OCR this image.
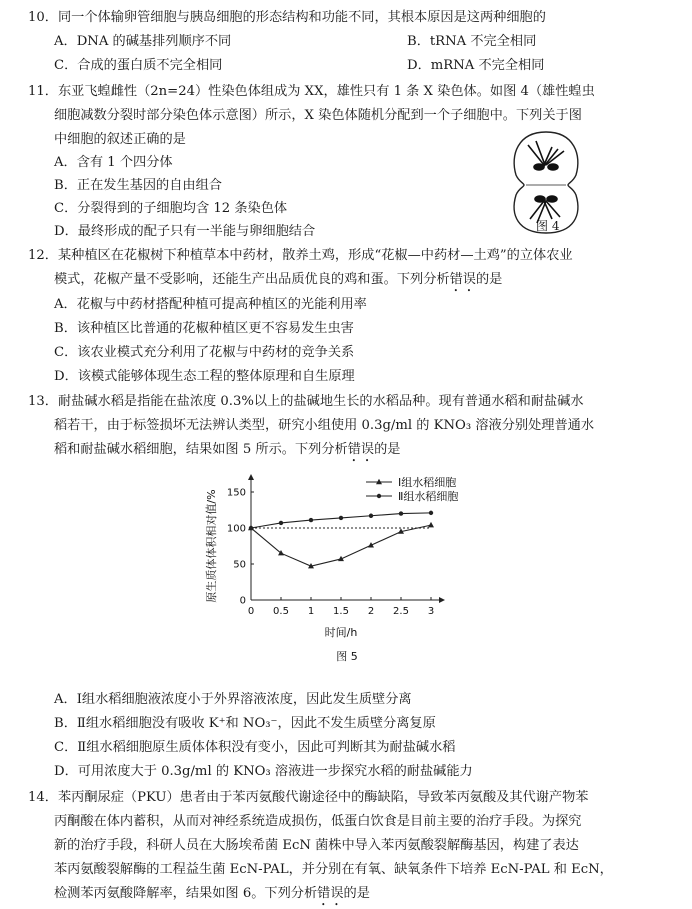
10．同一个体输卵管细胞与胰岛细胞的形态结构和功能不同，其根本原因是这两种细胞的
A．DNA 的碱基排列顺序不同	B．tRNA 不完全相同
C．合成的蛋白质不完全相同	D．mRNA 不完全相同
11．东亚飞蝗雌性（2n=24）性染色体组成为 XX，雄性只有 1 条 X 染色体。如图 4（雄性蝗虫
细胞减数分裂时部分染色体示意图）所示，X 染色体随机分配到一个子细胞中。下列关于图
中细胞的叙述正确的是
A．含有 1 个四分体
B．正在发生基因的自由组合
C．分裂得到的子细胞均含 12 条染色体
D．最终形成的配子只有一半能与卵细胞结合	图 4
12．某种植区在花椒树下种植草本中药材，散养土鸡，形成“花椒—中药材—土鸡”的立体农业
模式，花椒产量不受影响，还能生产出品质优良的鸡和蛋。下列分析错误的是
A．花椒与中药材搭配种植可提高种植区的光能利用率
B．该种植区比普通的花椒种植区更不容易发生虫害
C．该农业模式充分利用了花椒与中药材的竞争关系
D．该模式能够体现生态工程的整体原理和自生原理
13．耐盐碱水稻是指能在盐浓度 0.3%以上的盐碱地生长的水稻品种。现有普通水稻和耐盐碱水
稻若干，由于标签损坏无法辨认类型，研究小组使用 0.3g/ml 的 KNO₃ 溶液分别处理普通水
稻和耐盐碱水稻细胞，结果如图 5 所示。下列分析错误的是
0 0.5 1 1.5 2 2.5 3
0
50
100
150
Ⅰ组水稻细胞
Ⅱ组水稻细胞
原生质体体积相对值/%
时间/h
图 5
A．Ⅰ组水稻细胞液浓度小于外界溶液浓度，因此发生质壁分离
B．Ⅱ组水稻细胞没有吸收 K⁺和 NO₃⁻，因此不发生质壁分离复原
C．Ⅱ组水稻细胞原生质体体积没有变小，因此可判断其为耐盐碱水稻
D．可用浓度大于 0.3g/ml 的 KNO₃ 溶液进一步探究水稻的耐盐碱能力
14．苯丙酮尿症（PKU）患者由于苯丙氨酸代谢途径中的酶缺陷，导致苯丙氨酸及其代谢产物苯
丙酮酸在体内蓄积，从而对神经系统造成损伤，低蛋白饮食是目前主要的治疗手段。为探究
新的治疗手段，科研人员在大肠埃希菌 EcN 菌株中导入苯丙氨酸裂解酶基因，构建了表达
苯丙氨酸裂解酶的工程益生菌 EcN-PAL，并分别在有氧、缺氧条件下培养 EcN-PAL 和 EcN，
检测苯丙氨酸降解率，结果如图 6。下列分析错误的是
